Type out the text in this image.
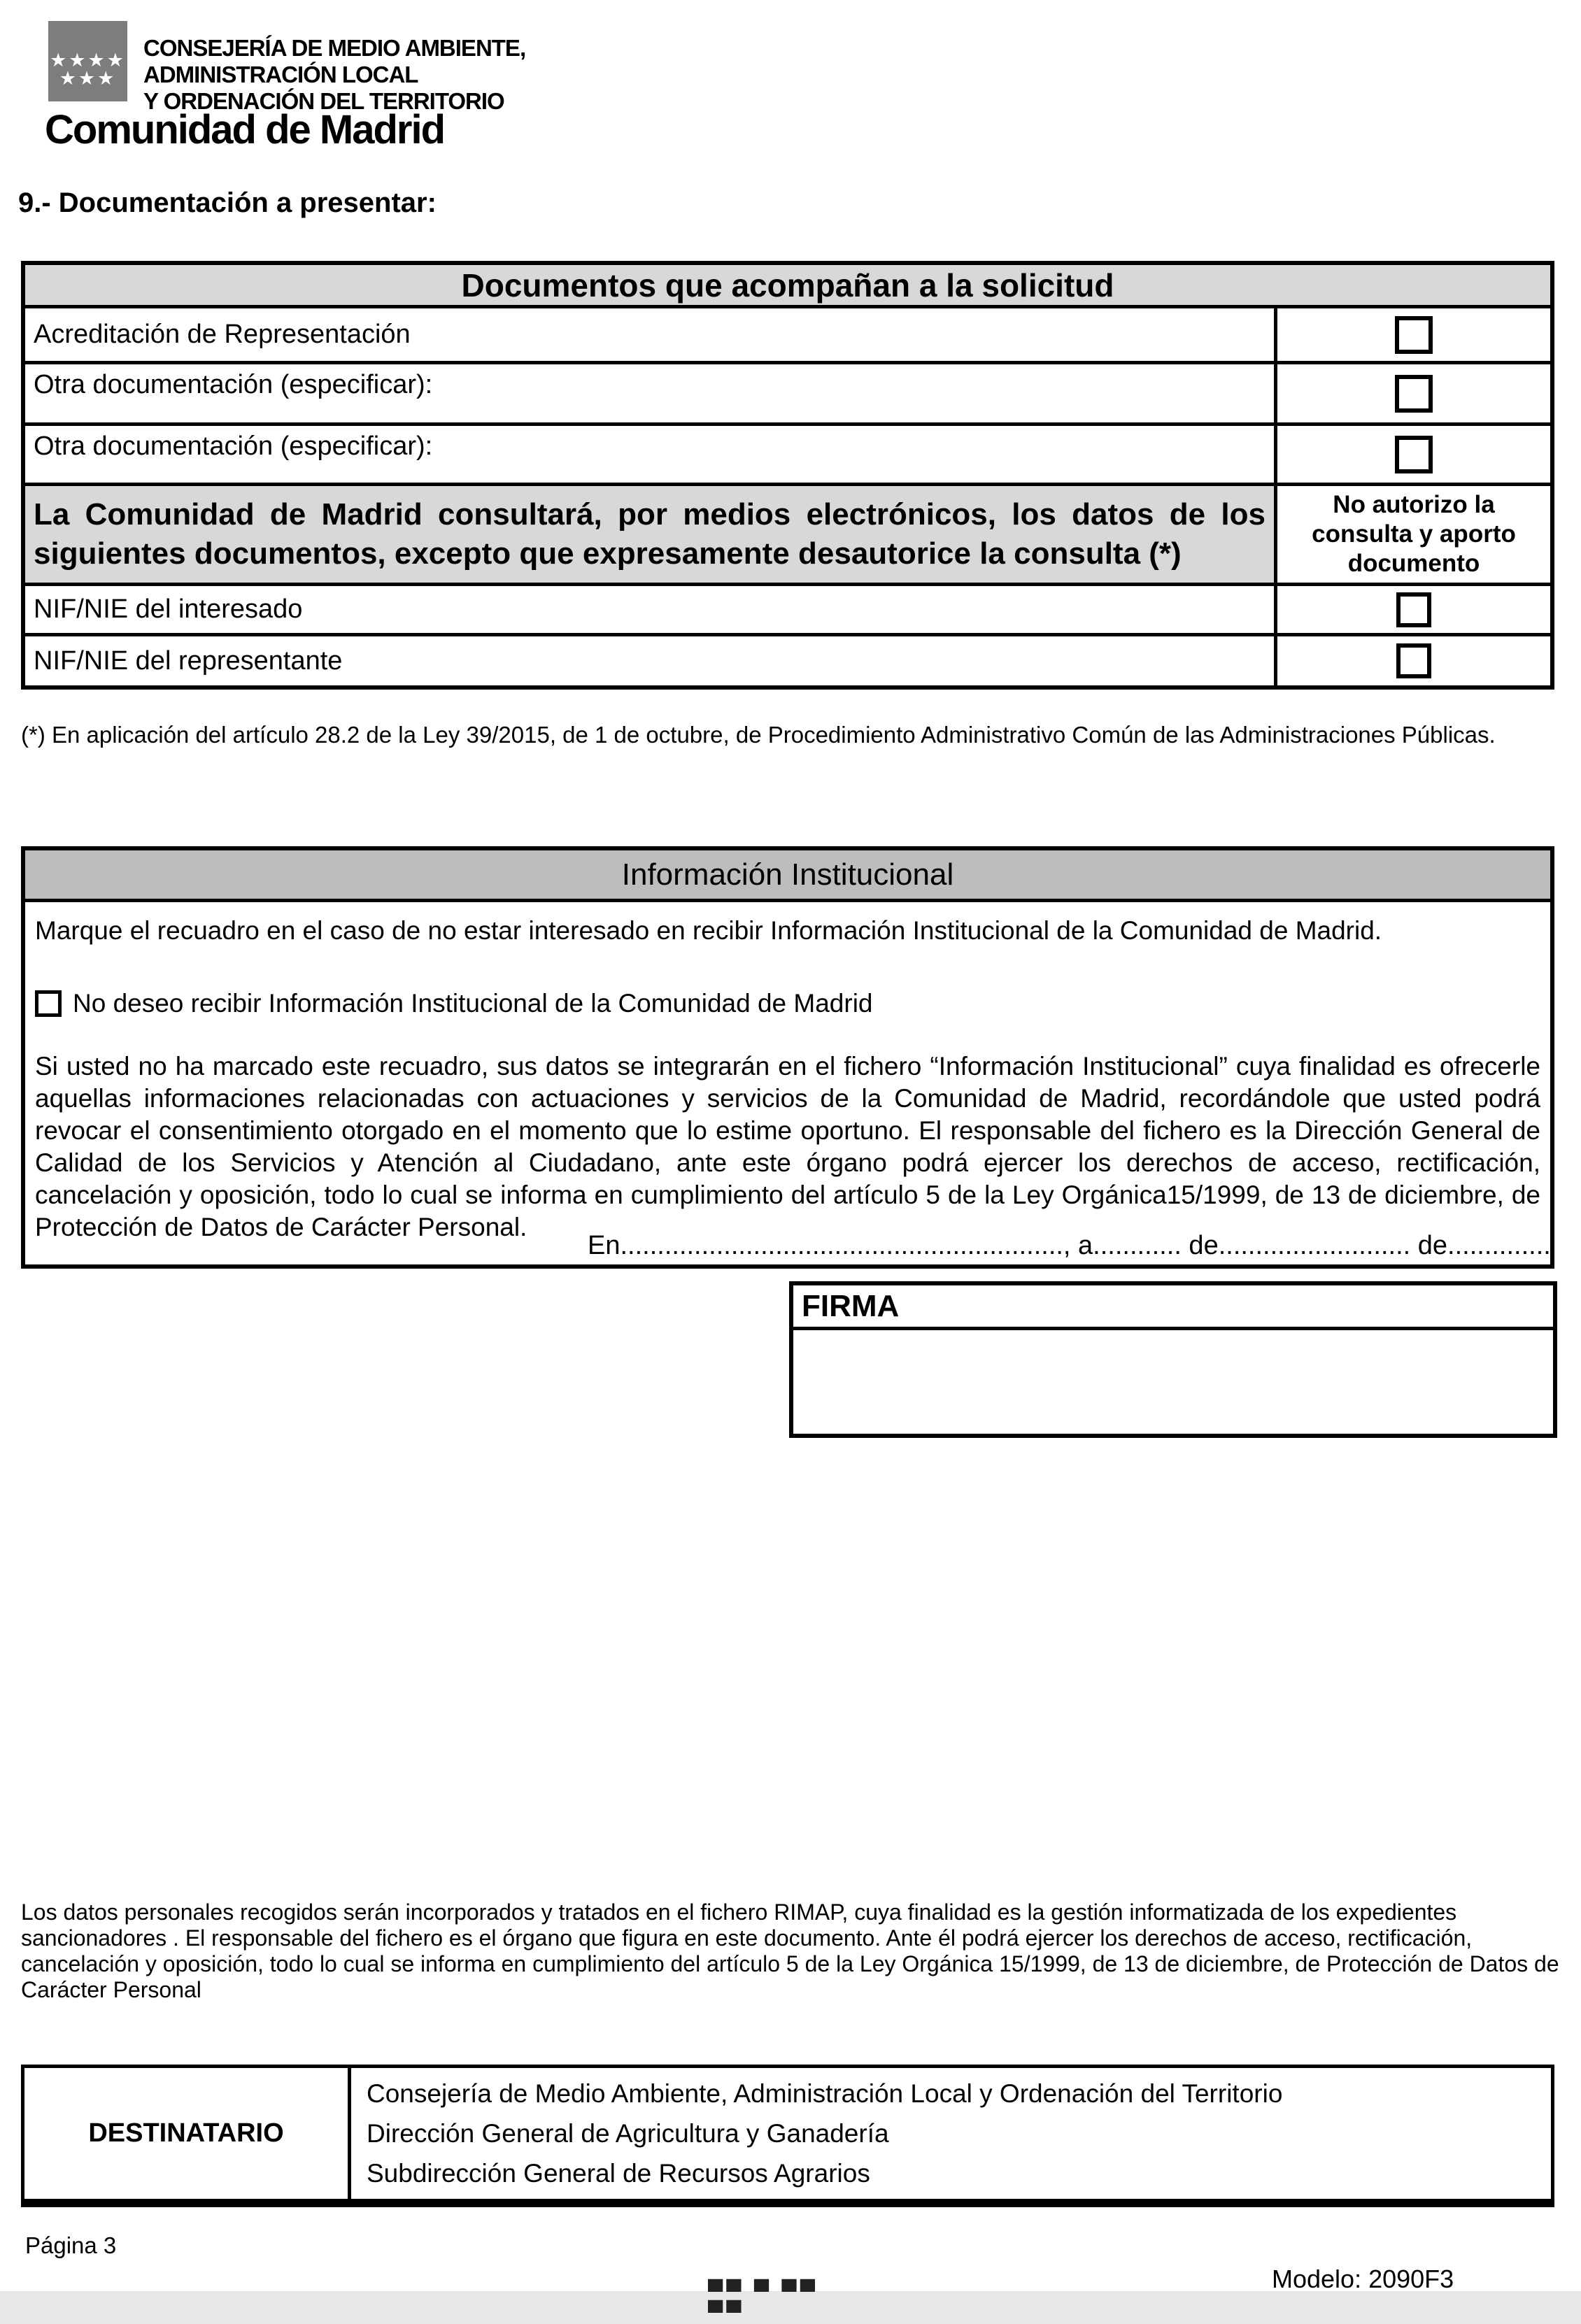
★★★★
★★★
CONSEJERÍA DE MEDIO AMBIENTE,
ADMINISTRACIÓN LOCAL
Y ORDENACIÓN DEL TERRITORIO
Comunidad de Madrid
9.- Documentación a presentar:
Documentos que acompañan a la solicitud
Acreditación de Representación
Otra documentación (especificar):
Otra documentación (especificar):
La Comunidad de Madrid consultará, por medios electrónicos, los datos de los siguientes documentos, excepto que expresamente desautorice la consulta (*)
No autorizo la consulta y aporto documento
NIF/NIE del interesado
NIF/NIE del representante
(*) En aplicación del artículo 28.2 de la Ley 39/2015, de 1 de octubre, de Procedimiento Administrativo Común de las Administraciones Públicas.
Información Institucional
Marque el recuadro en el caso de no estar interesado en recibir Información Institucional de la Comunidad de Madrid.
No deseo recibir Información Institucional de la Comunidad de Madrid
Si usted no ha marcado este recuadro, sus datos se integrarán en el fichero “Información Institucional” cuya finalidad es ofrecerle aquellas informaciones relacionadas con actuaciones y servicios de la Comunidad de Madrid, recordándole que usted podrá revocar el consentimiento otorgado en el momento que lo estime oportuno. El responsable del fichero es la Dirección General de Calidad de los Servicios y Atención al Ciudadano, ante este órgano podrá ejercer los derechos de acceso, rectificación, cancelación y oposición, todo lo cual se informa en cumplimiento del artículo 5 de la Ley Orgánica15/1999, de 13 de diciembre, de Protección de Datos de Carácter Personal.
En............................................................, a............ de.......................... de..............
FIRMA
Los datos personales recogidos serán incorporados y tratados en el fichero RIMAP, cuya finalidad es la gestión informatizada de los expedientes sancionadores . El responsable del fichero es el órgano que figura en este documento. Ante él podrá ejercer los derechos de acceso, rectificación, cancelación y oposición, todo lo cual se informa en cumplimiento del artículo 5 de la Ley Orgánica 15/1999, de 13 de diciembre, de Protección de Datos de Carácter Personal
DESTINATARIO
Consejería de Medio Ambiente, Administración Local y Ordenación del Territorio
Dirección General de Agricultura y Ganadería
Subdirección General de Recursos Agrarios
Página 3
Modelo: 2090F3
▀▀ ▀ ▀▀ ▀▀
